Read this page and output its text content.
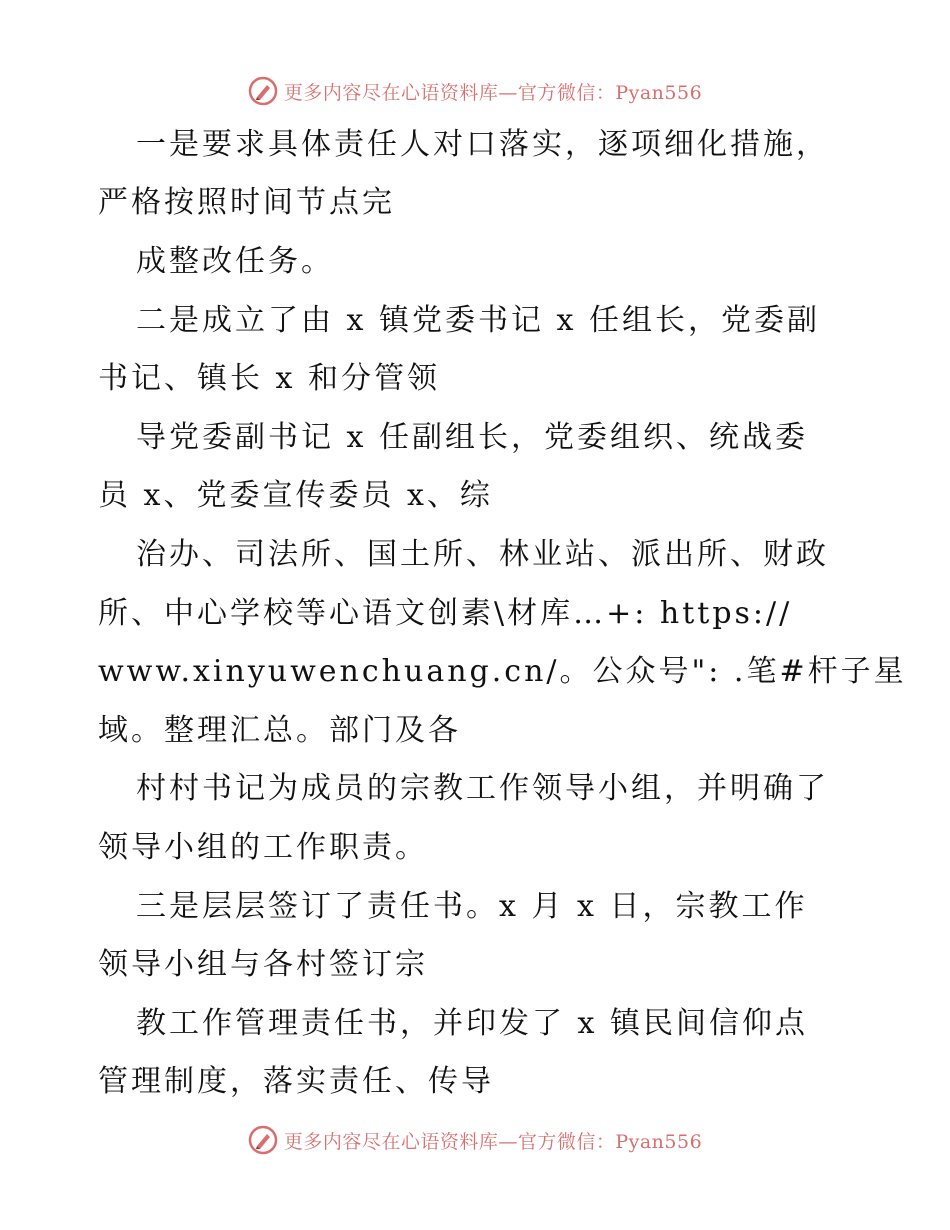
更多内容尽在心语资料库—官方微信：Pyan556
一是要求具体责任人对口落实，逐项细化措施，
严格按照时间节点完
成整改任务。
二是成立了由 x 镇党委书记 x 任组长，党委副
书记、镇长 x 和分管领
导党委副书记 x 任副组长，党委组织、统战委
员 x、党委宣传委员 x、综
治办、司法所、国土所、林业站、派出所、财政
所、中心学校等心语文创素\材库…+: https://
www.xinyuwenchuang.cn/。公众号": .笔#杆子星
域。整理汇总。部门及各
村村书记为成员的宗教工作领导小组，并明确了
领导小组的工作职责。
三是层层签订了责任书。x 月 x 日，宗教工作
领导小组与各村签订宗
教工作管理责任书，并印发了 x 镇民间信仰点
管理制度，落实责任、传导
更多内容尽在心语资料库—官方微信：Pyan556
